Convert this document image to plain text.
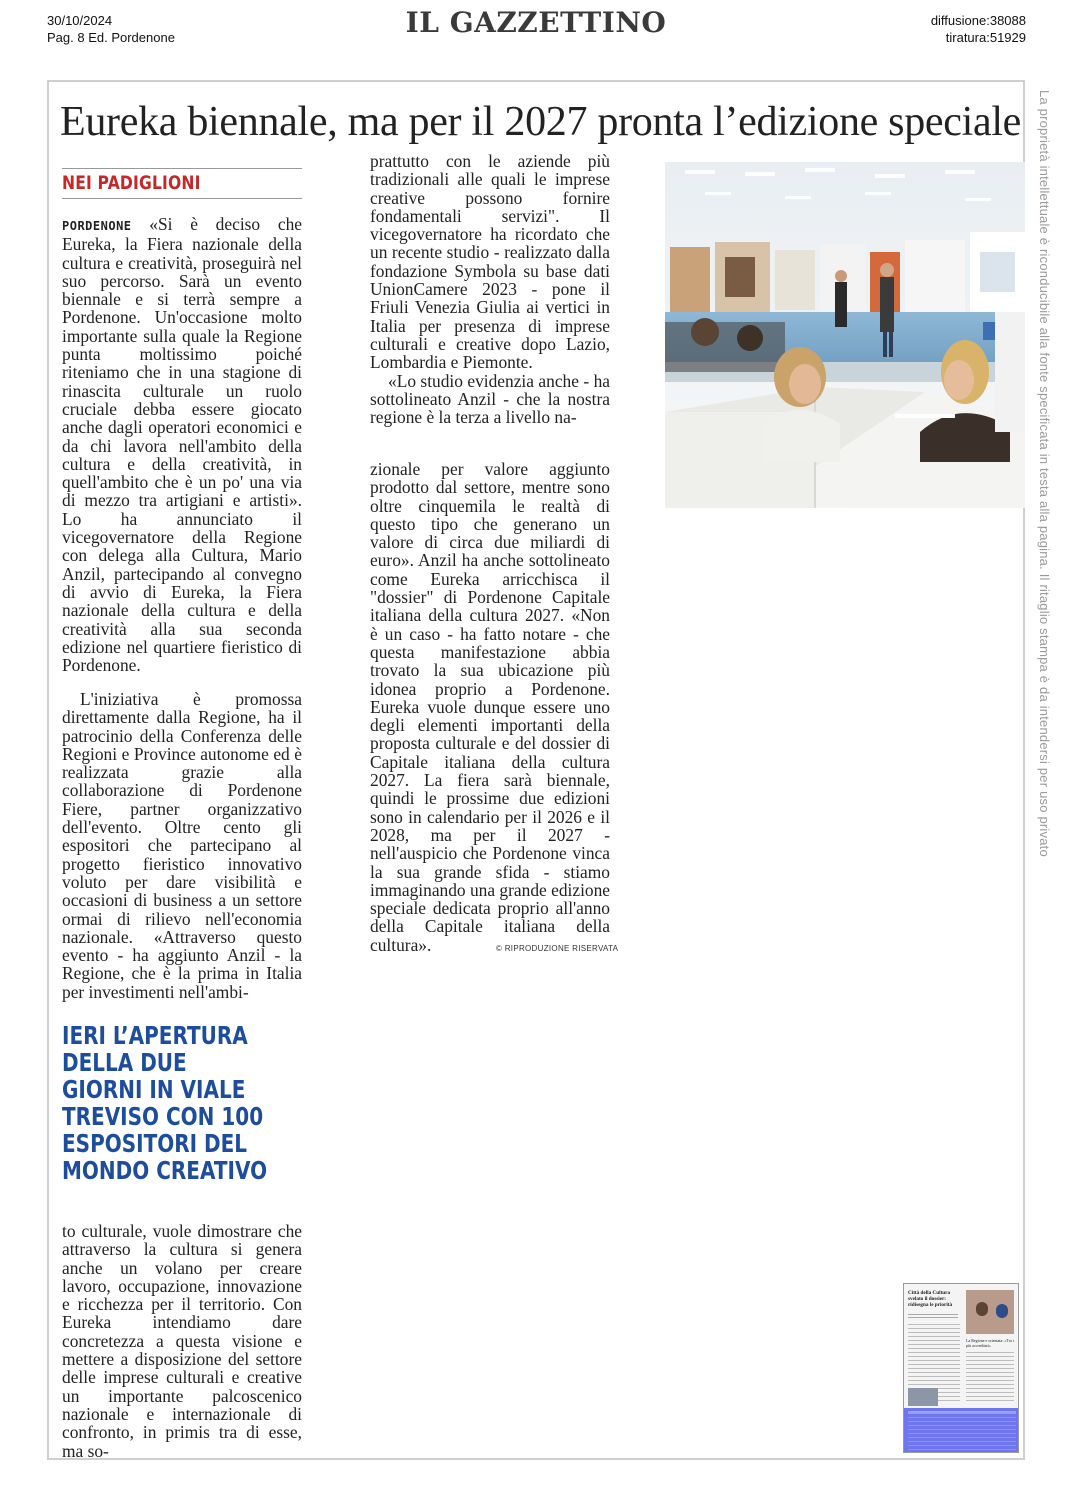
30/10/2024
Pag. 8 Ed. Pordenone	IL GAZZETTINO	diffusione:38088
tiratura:51929
La proprietà intellettuale è riconducibile alla fonte specificata in testa alla pagina. Il ritaglio stampa è da intendersi per uso privato
Eureka biennale, ma per il 2027 pronta l’edizione speciale
NEI PADIGLIONI

PORDENONE «Si è deciso che Eureka, la Fiera nazionale della cultura e creatività, proseguirà nel suo percorso. Sarà un evento biennale e si terrà sempre a Pordenone. Un'occasione molto importante sulla quale la Regione punta moltissimo poiché riteniamo che in una stagione di rinascita culturale un ruolo cruciale debba essere giocato anche dagli operatori economici e da chi lavora nell'ambito della cultura e della creatività, in quell'ambito che è un po' una via di mezzo tra artigiani e artisti». Lo ha annunciato il vicegovernatore della Regione con delega alla Cultura, Mario Anzil, partecipando al convegno di avvio di Eureka, la Fiera nazionale della cultura e della creatività alla sua seconda edizione nel quartiere fieristico di Pordenone.

L'iniziativa è promossa direttamente dalla Regione, ha il patrocinio della Conferenza delle Regioni e Province autonome ed è realizzata grazie alla collaborazione di Pordenone Fiere, partner organizzativo dell'evento. Oltre cento gli espositori che partecipano al progetto fieristico innovativo voluto per dare visibilità e occasioni di business a un settore ormai di rilievo nell'economia nazionale. «Attraverso questo evento - ha aggiunto Anzil - la Regione, che è la prima in Italia per investimenti nell'ambi-

IERI L’APERTURA DELLA DUE GIORNI IN VIALE TREVISO CON 100 ESPOSITORI DEL MONDO CREATIVO

to culturale, vuole dimostrare che attraverso la cultura si genera anche un volano per creare lavoro, occupazione, innovazione e ricchezza per il territorio. Con Eureka intendiamo dare concretezza a questa visione e mettere a disposizione del settore delle imprese culturali e creative un importante palcoscenico nazionale e internazionale di confronto, in primis tra di esse, ma so-

prattutto con le aziende più tradizionali alle quali le imprese creative possono fornire fondamentali servizi". Il vicegovernatore ha ricordato che un recente studio - realizzato dalla fondazione Symbola su base dati UnionCamere 2023 - pone il Friuli Venezia Giulia ai vertici in Italia per presenza di imprese culturali e creative dopo Lazio, Lombardia e Piemonte.

«Lo studio evidenzia anche - ha sottolineato Anzil - che la nostra regione è la terza a livello na-

zionale per valore aggiunto prodotto dal settore, mentre sono oltre cinquemila le realtà di questo tipo che generano un valore di circa due miliardi di euro». Anzil ha anche sottolineato come Eureka arricchisca il "dossier" di Pordenone Capitale italiana della cultura 2027. «Non è un caso - ha fatto notare - che questa manifestazione abbia trovato la sua ubicazione più idonea proprio a Pordenone. Eureka vuole dunque essere uno degli elementi importanti della proposta culturale e del dossier di Capitale italiana della cultura 2027. La fiera sarà biennale, quindi le prossime due edizioni sono in calendario per il 2026 e il 2028, ma per il 2027 - nell'auspicio che Pordenone vinca la sua grande sfida - stiamo immaginando una grande edizione speciale dedicata proprio all'anno della Capitale italiana della cultura».	© RIPRODUZIONE RISERVATA
Città della Cultura svelato il dossier: ridisegna le priorità
La Regione e orientata: «Tra i più accreditati»
